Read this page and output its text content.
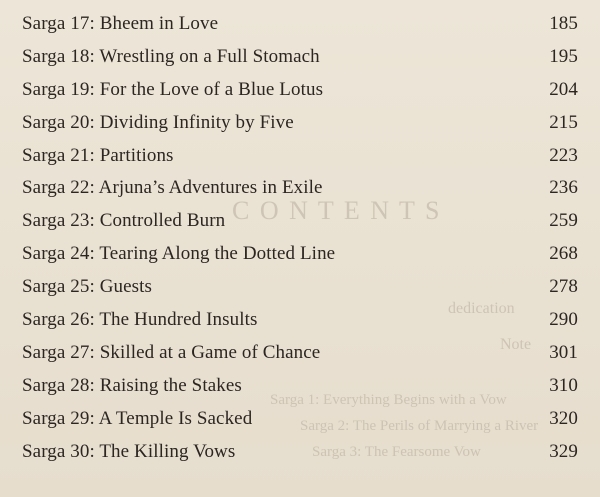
C O N T E N T S
dedication
Note
Sarga 1: Everything Begins with a Vow
Sarga 2: The Perils of Marrying a River
Sarga 3: The Fearsome Vow
Sarga 17: Bheem in Love	185
Sarga 18: Wrestling on a Full Stomach	195
Sarga 19: For the Love of a Blue Lotus	204
Sarga 20: Dividing Infinity by Five	215
Sarga 21: Partitions	223
Sarga 22: Arjuna’s Adventures in Exile	236
Sarga 23: Controlled Burn	259
Sarga 24: Tearing Along the Dotted Line	268
Sarga 25: Guests	278
Sarga 26: The Hundred Insults	290
Sarga 27: Skilled at a Game of Chance	301
Sarga 28: Raising the Stakes	310
Sarga 29: A Temple Is Sacked	320
Sarga 30: The Killing Vows	329
